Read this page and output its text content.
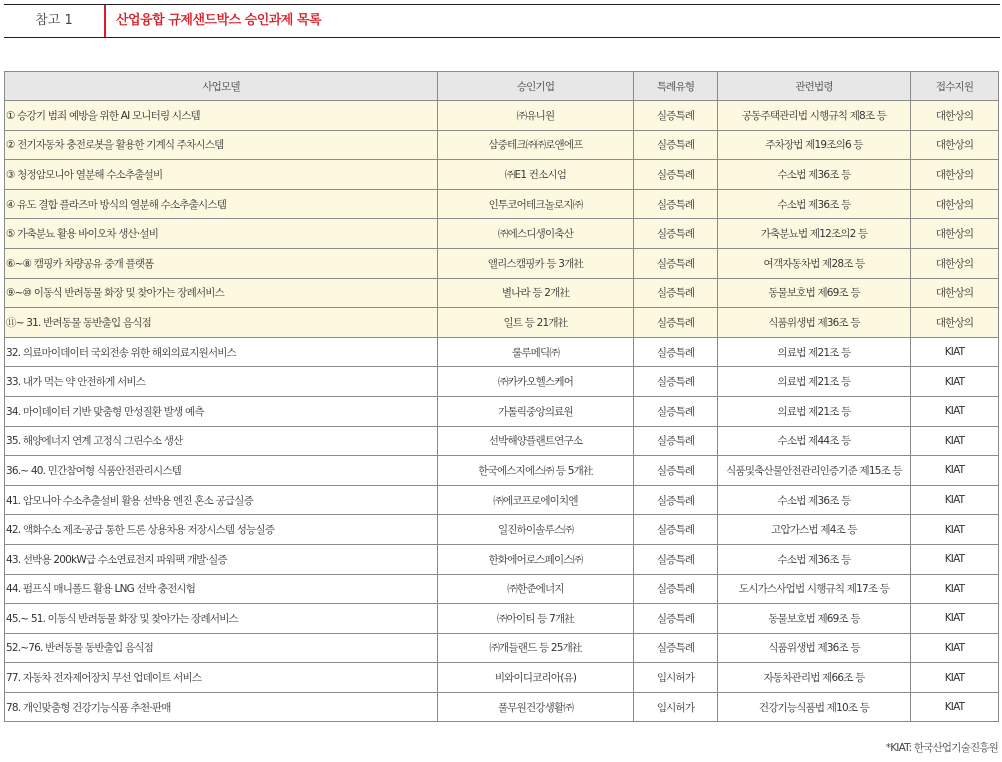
참고 1	산업융합 규제샌드박스 승인과제 목록
사업모델	승인기업	특례유형	관련법령	접수지원
① 승강기 범죄 예방을 위한 AI 모니터링 시스템	㈜유니원	실증특례	공동주택관리법 시행규칙 제8조 등	대한상의
② 전기자동차 충전로봇을 활용한 기계식 주차시스템	삼중테크㈜㈜로앤에프	실증특례	주차장법 제19조의6 등	대한상의
③ 청정암모니아 열분해 수소추출설비	㈜E1 컨소시엄	실증특례	수소법 제36조 등	대한상의
④ 유도 결합 플라즈마 방식의 열분해 수소추출시스템	인투코어테크놀로지㈜	실증특례	수소법 제36조 등	대한상의
⑤ 가축분뇨 활용 바이오차 생산·설비	㈜에스디생이축산	실증특례	가축분뇨법 제12조의2 등	대한상의
⑥~⑧ 캠핑카 차량공유 중개 플랫폼	앨리스캠핑카 등 3개社	실증특례	여객자동차법 제28조 등	대한상의
⑨~⑩ 이동식 반려동물 화장 및 찾아가는 장례서비스	별나라 등 2개社	실증특례	동물보호법 제69조 등	대한상의
⑪~ 31. 반려동물 동반출입 음식점	일트 등 21개社	실증특례	식품위생법 제36조 등	대한상의
32. 의료마이데이터 국외전송 위한 해외의료지원서비스	룰루메딕㈜	실증특례	의료법 제21조 등	KIAT
33. 내가 먹는 약 안전하게 서비스	㈜카카오헬스케어	실증특례	의료법 제21조 등	KIAT
34. 마이데이터 기반 맞춤형 만성질환 발생 예측	가톨릭중앙의료원	실증특례	의료법 제21조 등	KIAT
35. 해양에너지 연계 고정식 그린수소 생산	선박해양플랜트연구소	실증특례	수소법 제44조 등	KIAT
36.~ 40. 민간참여형 식품안전관리시스템	한국에스지에스㈜ 등 5개社	실증특례	식품및축산물안전관리인증기준 제15조 등	KIAT
41. 암모니아 수소추출설비 활용 선박용 엔진 혼소 공급실증	㈜에코프로에이치엔	실증특례	수소법 제36조 등	KIAT
42. 액화수소 제조·공급 통한 드론 상용차용 저장시스템 성능실증	일진하이솔루스㈜	실증특례	고압가스법 제4조 등	KIAT
43. 선박용 200kW급 수소연료전지 파워팩 개발·실증	한화에어로스페이스㈜	실증특례	수소법 제36조 등	KIAT
44. 펌프식 매니폴드 활용 LNG 선박 충전시험	㈜한준에너지	실증특례	도시가스사업법 시행규칙 제17조 등	KIAT
45.~ 51. 이동식 반려동물 화장 및 찾아가는 장례서비스	㈜아이티 등 7개社	실증특례	동물보호법 제69조 등	KIAT
52.~76. 반려동물 동반출입 음식점	㈜개들랜드 등 25개社	실증특례	식품위생법 제36조 등	KIAT
77. 자동차 전자제어장치 무선 업데이트 서비스	비와이디코리아(유)	임시허가	자동차관리법 제66조 등	KIAT
78. 개인맞춤형 건강기능식품 추천·판매	풀무원건강생활㈜	임시허가	건강기능식품법 제10조 등	KIAT
*KIAT: 한국산업기술진흥원
